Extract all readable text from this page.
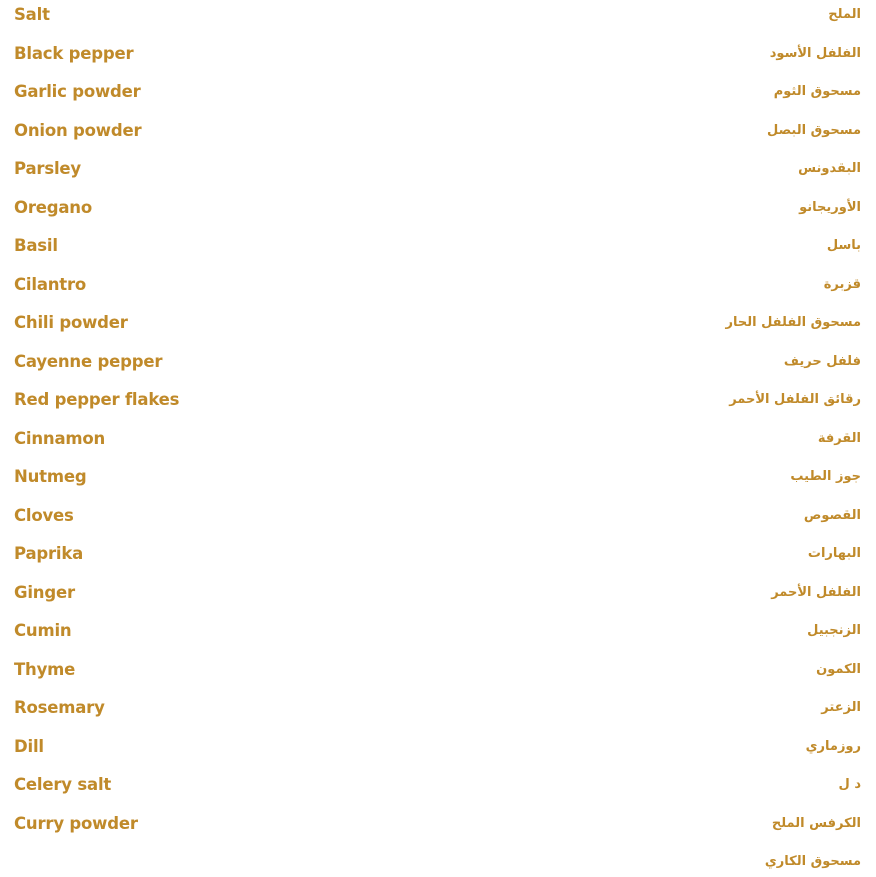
Salt
Black pepper
Garlic powder
Onion powder
Parsley
Oregano
Basil
Cilantro
Chili powder
Cayenne pepper
Red pepper flakes
Cinnamon
Nutmeg
Cloves
Paprika
Ginger
Cumin
Thyme
Rosemary
Dill
Celery salt
Curry powder
الملح
الفلفل الأسود
مسحوق الثوم
مسحوق البصل
البقدونس
الأوريجانو
باسل
قزبرة
مسحوق الفلفل الحار
فلفل حريف
رقائق الفلفل الأحمر
القرفة
جوز الطيب
القصوص
البهارات
الفلفل الأحمر
الزنجبيل
الكمون
الزعتر
روزماري
د ل
الكرفس الملح
مسحوق الكاري
